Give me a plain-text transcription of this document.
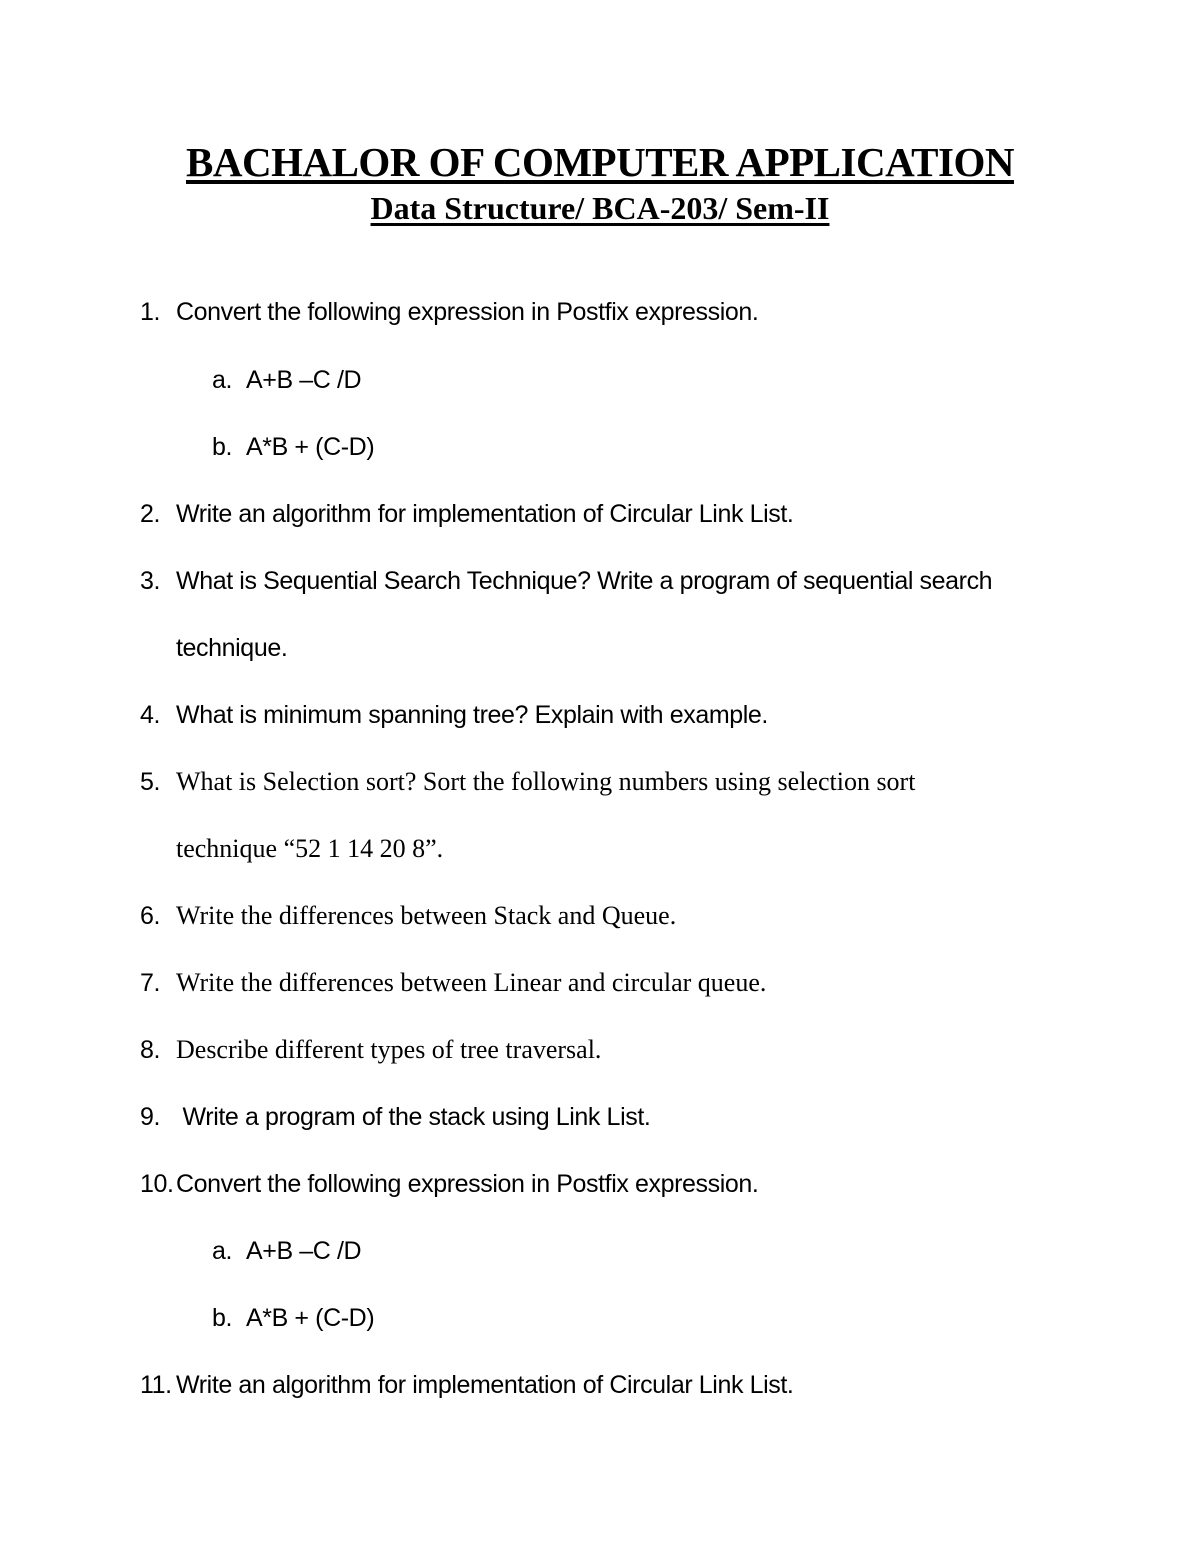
BACHALOR OF COMPUTER APPLICATION
Data Structure/ BCA-203/ Sem-II
1. Convert the following expression in Postfix expression.
a. A+B –C /D
b. A*B + (C-D)
2. Write an algorithm for implementation of Circular Link List.
3. What is Sequential Search Technique? Write a program of sequential search
technique.
4. What is minimum spanning tree? Explain with example.
5. What is Selection sort? Sort the following numbers using selection sort
technique “52 1 14 20 8”.
6. Write the differences between Stack and Queue.
7. Write the differences between Linear and circular queue.
8. Describe different types of tree traversal.
9. Write a program of the stack using Link List.
10. Convert the following expression in Postfix expression.
a. A+B –C /D
b. A*B + (C-D)
11. Write an algorithm for implementation of Circular Link List.
